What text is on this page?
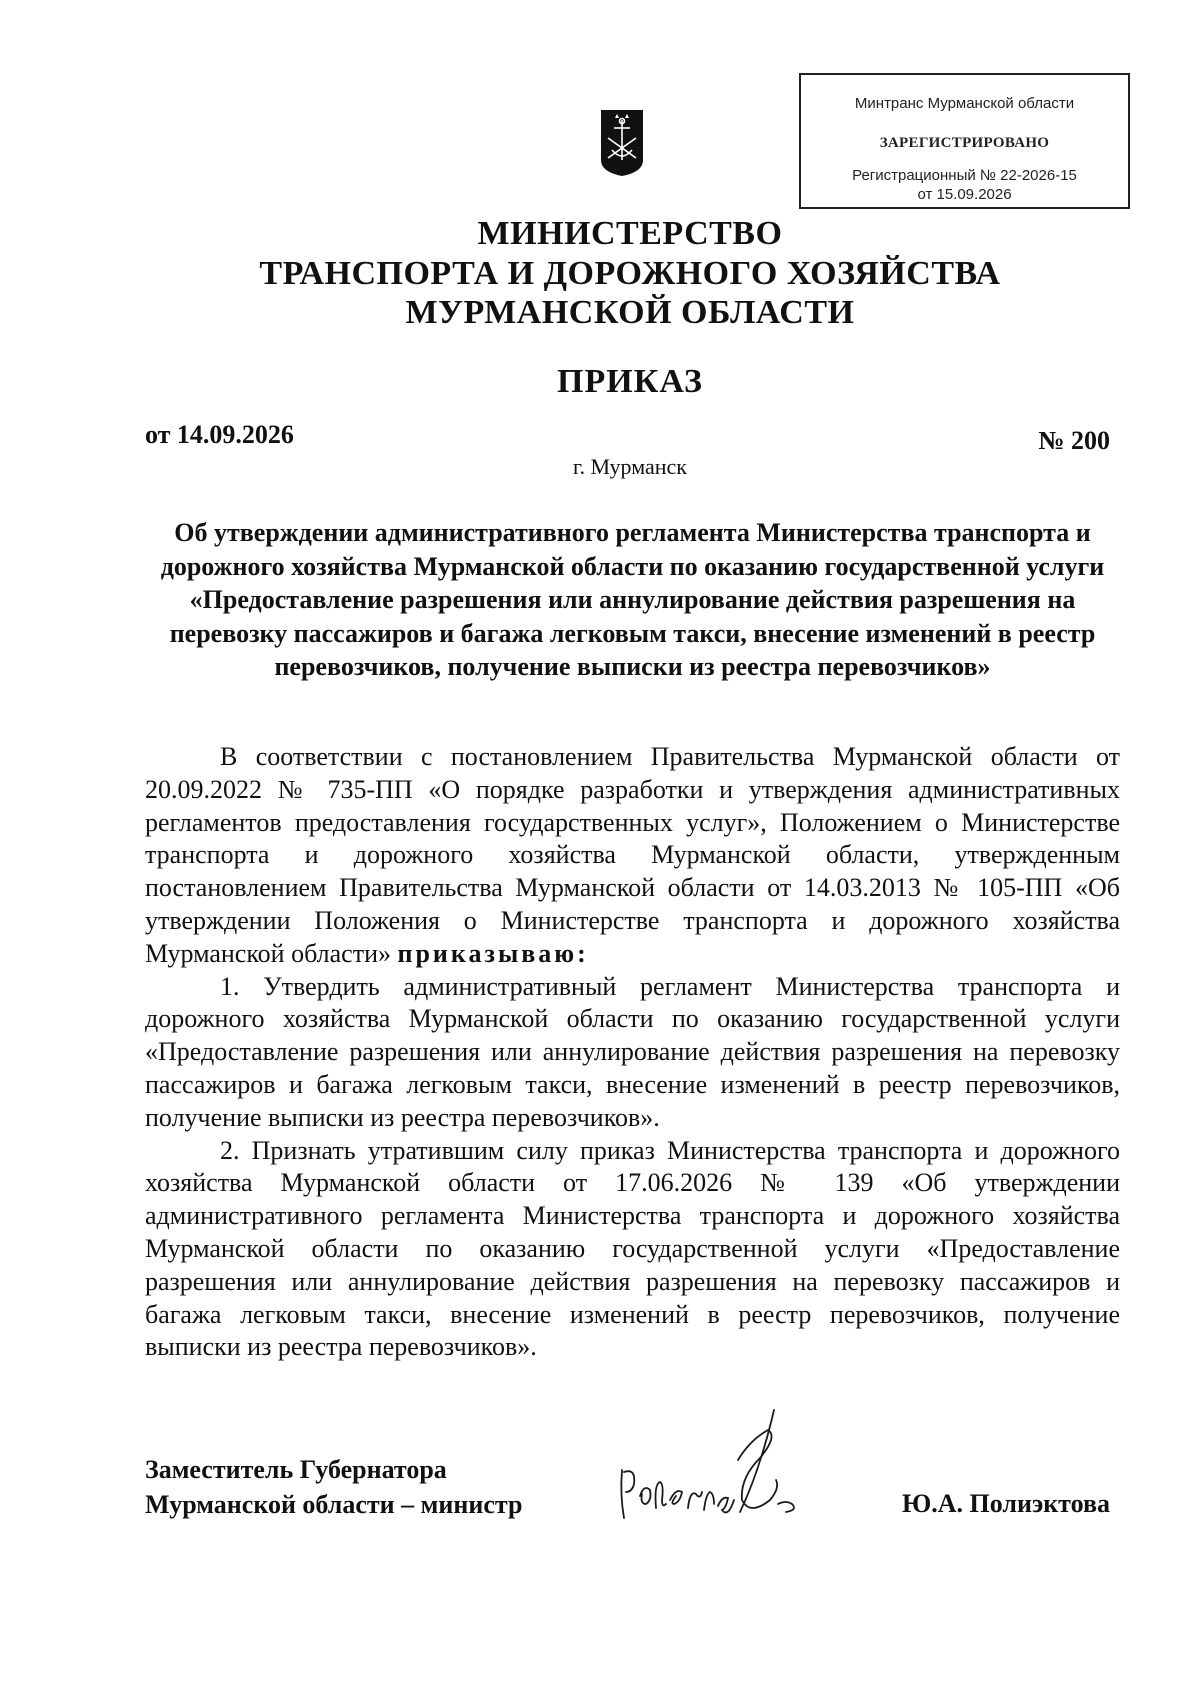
Минтранс Мурманской области
ЗАРЕГИСТРИРОВАНО
Регистрационный № 22-2026-15
от 15.09.2026
МИНИСТЕРСТВО
ТРАНСПОРТА И ДОРОЖНОГО ХОЗЯЙСТВА
МУРМАНСКОЙ ОБЛАСТИ
ПРИКАЗ
от 14.09.2026	№ 200
г. Мурманск
Об утверждении административного регламента Министерства транспорта и дорожного хозяйства Мурманской области по оказанию государственной услуги «Предоставление разрешения или аннулирование действия разрешения на перевозку пассажиров и багажа легковым такси, внесение изменений в реестр перевозчиков, получение выписки из реестра перевозчиков»

В соответствии с постановлением Правительства Мурманской области от 20.09.2022 № 735-ПП «О порядке разработки и утверждения административных регламентов предоставления государственных услуг», Положением о Министерстве транспорта и дорожного хозяйства Мурманской области, утвержденным постановлением Правительства Мурманской области от 14.03.2013 № 105-ПП «Об утверждении Положения о Министерстве транспорта и дорожного хозяйства Мурманской области» приказываю:

1. Утвердить административный регламент Министерства транспорта и дорожного хозяйства Мурманской области по оказанию государственной услуги «Предоставление разрешения или аннулирование действия разрешения на перевозку пассажиров и багажа легковым такси, внесение изменений в реестр перевозчиков, получение выписки из реестра перевозчиков».

2. Признать утратившим силу приказ Министерства транспорта и дорожного хозяйства Мурманской области от 17.06.2026 № 139 «Об утверждении административного регламента Министерства транспорта и дорожного хозяйства Мурманской области по оказанию государственной услуги «Предоставление разрешения или аннулирование действия разрешения на перевозку пассажиров и багажа легковым такси, внесение изменений в реестр перевозчиков, получение выписки из реестра перевозчиков».

Заместитель Губернатора
Мурманской области – министр	Ю.А. Полиэктова
